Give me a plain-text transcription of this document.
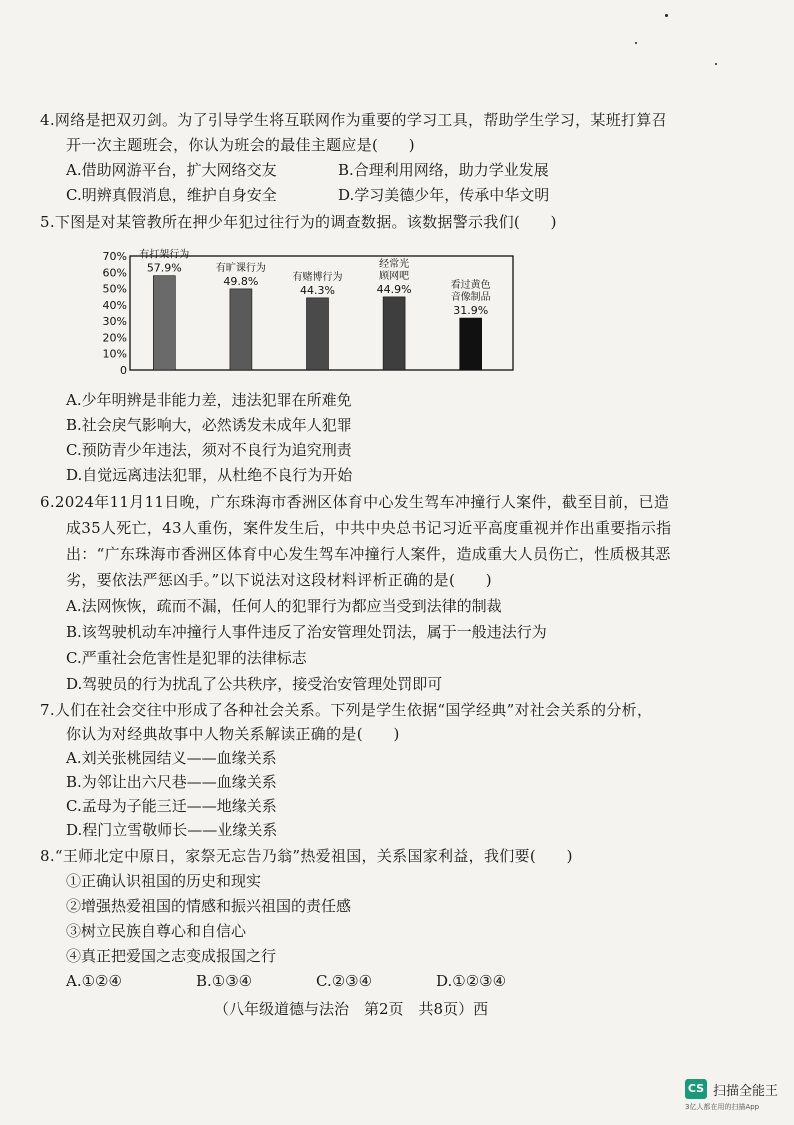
4.网络是把双刃剑。为了引导学生将互联网作为重要的学习工具，帮助学生学习，某班打算召
开一次主题班会，你认为班会的最佳主题应是(　　)
A.借助网游平台，扩大网络交友	B.合理利用网络，助力学业发展
C.明辨真假消息，维护自身安全	D.学习美德少年，传承中华文明
5.下图是对某管教所在押少年犯过往行为的调查数据。该数据警示我们(　　)
70%
60%
50%
40%
30%
20%
10%
0
57.9%
有打架行为
49.8%
有旷课行为
44.3%
有赌博行为
44.9%
经常光
顾网吧
31.9%
看过黄色
音像制品
A.少年明辨是非能力差，违法犯罪在所难免
B.社会戾气影响大，必然诱发未成年人犯罪
C.预防青少年违法，须对不良行为追究刑责
D.自觉远离违法犯罪，从杜绝不良行为开始
6.2024年11月11日晚，广东珠海市香洲区体育中心发生驾车冲撞行人案件，截至目前，已造
成35人死亡，43人重伤，案件发生后，中共中央总书记习近平高度重视并作出重要指示指
出：“广东珠海市香洲区体育中心发生驾车冲撞行人案件，造成重大人员伤亡，性质极其恶
劣，要依法严惩凶手。”以下说法对这段材料评析正确的是(　　)
A.法网恢恢，疏而不漏，任何人的犯罪行为都应当受到法律的制裁
B.该驾驶机动车冲撞行人事件违反了治安管理处罚法，属于一般违法行为
C.严重社会危害性是犯罪的法律标志
D.驾驶员的行为扰乱了公共秩序，接受治安管理处罚即可
7.人们在社会交往中形成了各种社会关系。下列是学生依据“国学经典”对社会关系的分析，
你认为对经典故事中人物关系解读正确的是(　　)
A.刘关张桃园结义——血缘关系
B.为邻让出六尺巷——血缘关系
C.孟母为子能三迁——地缘关系
D.程门立雪敬师长——业缘关系
8.“王师北定中原日，家祭无忘告乃翁”热爱祖国，关系国家利益，我们要(　　)
①正确认识祖国的历史和现实
②增强热爱祖国的情感和振兴祖国的责任感
③树立民族自尊心和自信心
④真正把爱国之志变成报国之行
A.①②④	B.①③④	C.②③④	D.①②③④
（八年级道德与法治　第2页　共8页）西
CS 扫描全能王
3亿人都在用的扫描App
